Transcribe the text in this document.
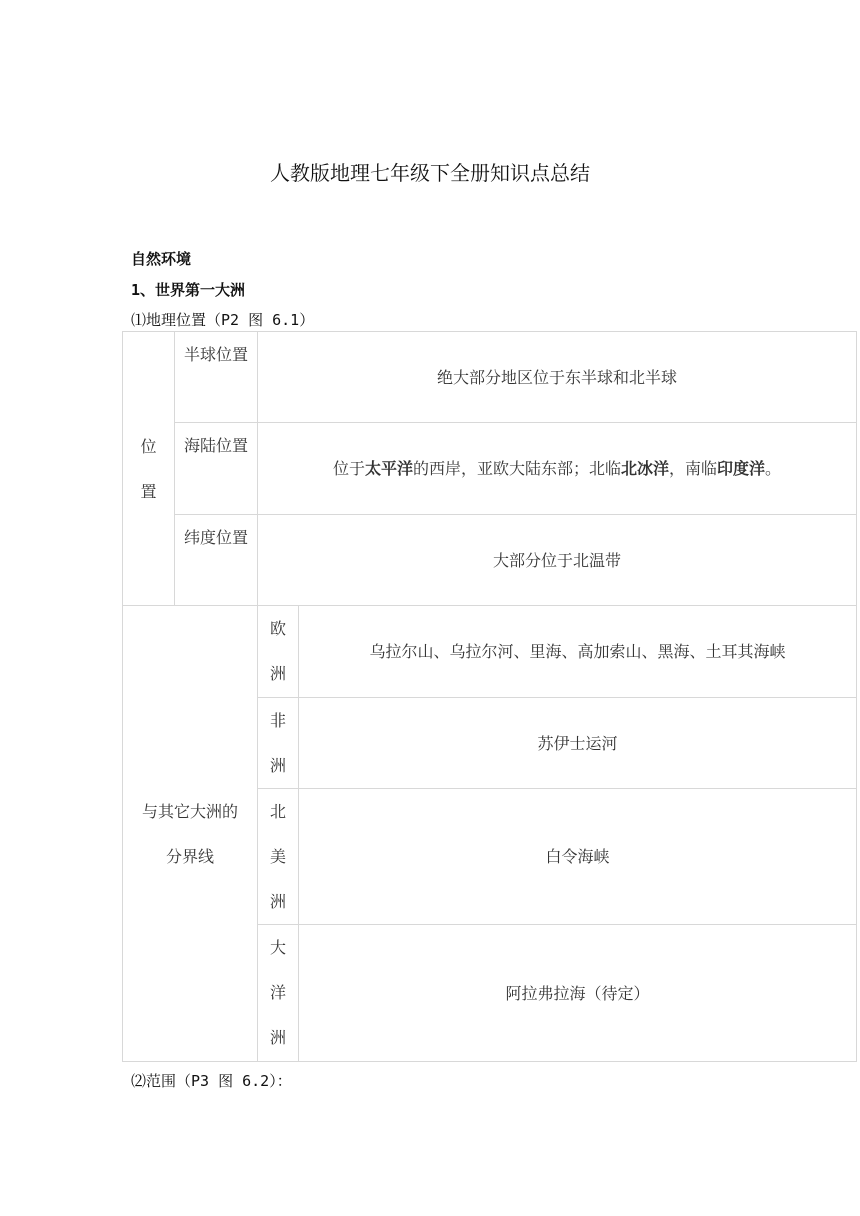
人教版地理七年级下全册知识点总结
自然环境
1、世界第一大洲
⑴地理位置（P2 图 6.1）
位置	半球位置	绝大部分地区位于东半球和北半球	

	海陆位置	位于太平洋的西岸，亚欧大陆东部；北临北冰洋，南临印度洋。	

	纬度位置	大部分位于北温带	

与其它大洲的分界线		欧洲	乌拉尔山、乌拉尔河、里海、高加索山、黑海、土耳其海峡

		非洲	苏伊士运河

		北美洲	白令海峡

		大洋洲	阿拉弗拉海（待定）
⑵范围（P3 图 6.2）：
